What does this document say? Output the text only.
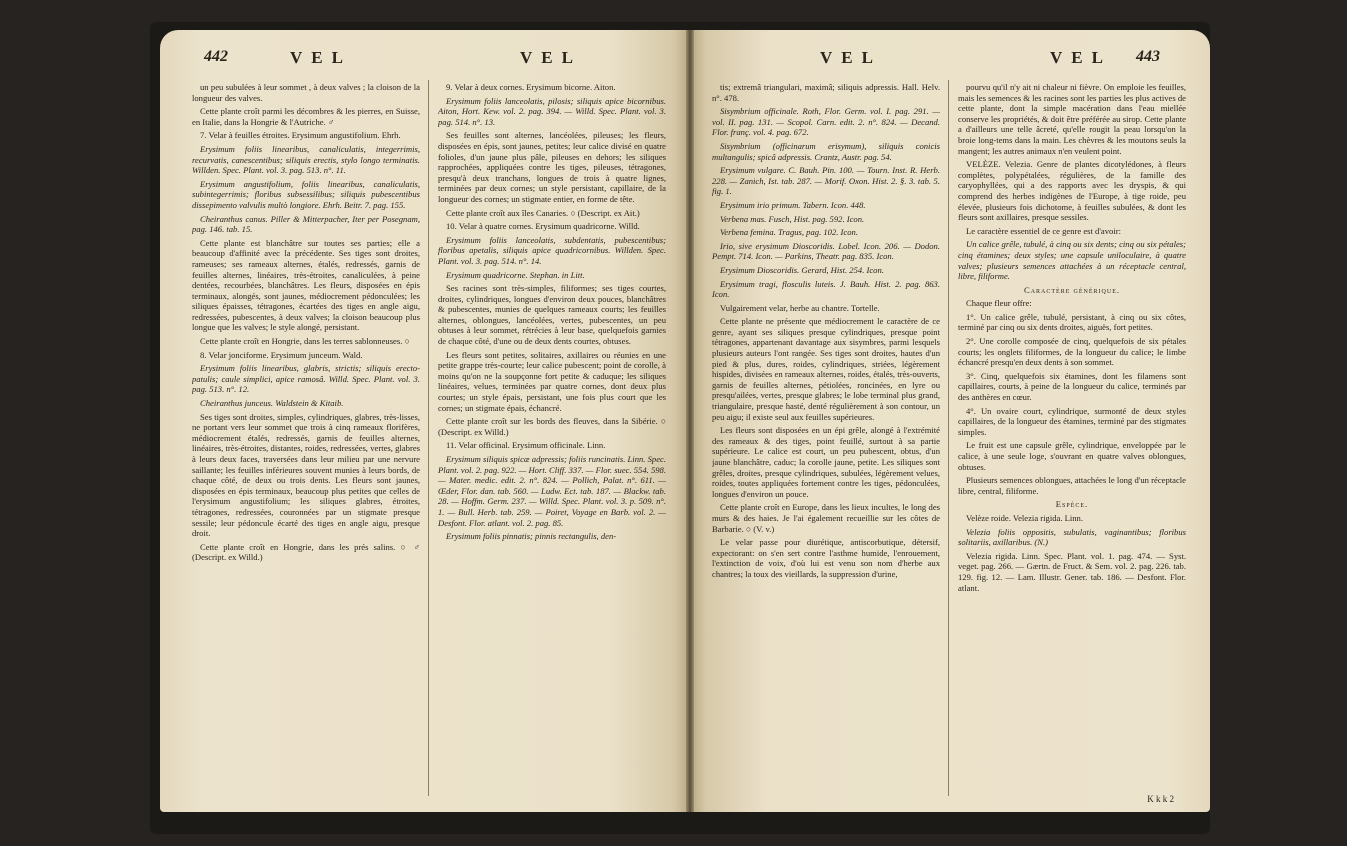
442	VEL	VEL

un peu subulées à leur sommet , à deux valves ; la cloison de la longueur des valves.

Cette plante croît parmi les décombres & les pierres, en Suisse, en Italie, dans la Hongrie & l'Autriche. ♂

7. Velar à feuilles étroites. Erysimum angustifolium. Ehrh.

Erysimum foliis linearibus, canaliculatis, integerrimis, recurvatis, canescentibus; siliquis erectis, stylo longo terminatis. Willden. Spec. Plant. vol. 3. pag. 513. n°. 11.

Erysimum angustifolium, foliis linearibus, canaliculatis, subintegerrimis; floribus subsessilibus; siliquis pubescentibus dissepimento valvulis multò longiore. Ehrh. Beitr. 7. pag. 155.

Cheiranthus canus. Piller & Mitterpacher, Iter per Posegnam, pag. 146. tab. 15.

Cette plante est blanchâtre sur toutes ses parties; elle a beaucoup d'affinité avec la précédente. Ses tiges sont droites, rameuses; ses rameaux alternes, étalés, redressés, garnis de feuilles alternes, linéaires, très-étroites, canaliculées, à peine dentées, recourbées, blanchâtres. Les fleurs, disposées en épis terminaux, alongés, sont jaunes, médiocrement pédonculées; les siliques épaisses, tétragones, écartées des tiges en angle aigu, redressées, pubescentes, à deux valves; la cloison beaucoup plus longue que les valves; le style alongé, persistant.

Cette plante croît en Hongrie, dans les terres sablonneuses. ○

8. Velar jonciforme. Erysimum junceum. Wald.

Erysimum foliis linearibus, glabris, strictis; siliquis erecto-patulis; caule simplici, apice ramosâ. Willd. Spec. Plant. vol. 3. pag. 513. n°. 12.

Cheiranthus junceus. Waldstein & Kitaib.

Ses tiges sont droites, simples, cylindriques, glabres, très-lisses, ne portant vers leur sommet que trois à cinq rameaux florifères, médiocrement étalés, redressés, garnis de feuilles alternes, linéaires, très-étroites, distantes, roides, redressées, vertes, glabres à leurs deux faces, traversées dans leur milieu par une nervure saillante; les feuilles inférieures souvent munies à leurs bords, de chaque côté, de deux ou trois dents. Les fleurs sont jaunes, disposées en épis terminaux, beaucoup plus petites que celles de l'erysimum angustifolium; les siliques glabres, étroites, tétragones, redressées, couronnées par un stigmate presque sessile; leur pédoncule écarté des tiges en angle aigu, presque droit.

Cette plante croît en Hongrie, dans les prés salins. ○ ♂ (Descript. ex Willd.)

9. Velar à deux cornes. Erysimum bicorne. Aiton.

Erysimum foliis lanceolatis, pilosis; siliquis apice bicornibus. Aiton, Hort. Kew. vol. 2. pag. 394. — Willd. Spec. Plant. vol. 3. pag. 514. n°. 13.

Ses feuilles sont alternes, lancéolées, pileuses; les fleurs, disposées en épis, sont jaunes, petites; leur calice divisé en quatre folioles, d'un jaune plus pâle, pileuses en dehors; les siliques rapprochées, appliquées contre les tiges, pileuses, tétragones, presqu'à deux tranchans, longues de trois à quatre lignes, terminées par deux cornes; un style persistant, capillaire, de la longueur des cornes; un stigmate entier, en forme de tête.

Cette plante croît aux îles Canaries. ○ (Descript. ex Ait.)

10. Velar à quatre cornes. Erysimum quadricorne. Willd.

Erysimum foliis lanceolatis, subdentatis, pubescentibus; floribus apetalis, siliquis apice quadricornibus. Willden. Spec. Plant. vol. 3. pag. 514. n°. 14.

Erysimum quadricorne. Stephan. in Litt.

Ses racines sont très-simples, filiformes; ses tiges courtes, droites, cylindriques, longues d'environ deux pouces, blanchâtres & pubescentes, munies de quelques rameaux courts; les feuilles alternes, oblongues, lancéolées, vertes, pubescentes, un peu obtuses à leur sommet, rétrécies à leur base, quelquefois garnies de chaque côté, d'une ou de deux dents courtes, obtuses.

Les fleurs sont petites, solitaires, axillaires ou réunies en une petite grappe très-courte; leur calice pubescent; point de corolle, à moins qu'on ne la soupçonne fort petite & caduque; les siliques linéaires, velues, terminées par quatre cornes, dont deux plus courtes; un style épais, persistant, une fois plus court que les cornes; un stigmate épais, échancré.

Cette plante croît sur les bords des fleuves, dans la Sibérie. ○ (Descript. ex Willd.)

11. Velar officinal. Erysimum officinale. Linn.

Erysimum siliquis spicæ adpressis; foliis runcinatis. Linn. Spec. Plant. vol. 2. pag. 922. — Hort. Cliff. 337. — Flor. suec. 554. 598. — Mater. medic. edit. 2. n°. 824. — Pollich, Palat. n°. 611. — Œder, Flor. dan. tab. 560. — Ludw. Ect. tab. 187. — Blackw. tab. 28. — Hoffm. Germ. 237. — Willd. Spec. Plant. vol. 3. p. 509. n°. 1. — Bull. Herb. tab. 259. — Poiret, Voyage en Barb. vol. 2. — Desfont. Flor. atlant. vol. 2. pag. 85.

Erysimum foliis pinnatis; pinnis rectangulis, den-

VEL	VEL 443

tis; extremâ triangulari, maximâ; siliquis adpressis. Hall. Helv. n°. 478.

Sisymbrium officinale. Roth, Flor. Germ. vol. I. pag. 291. — vol. II. pag. 131. — Scopol. Carn. edit. 2. n°. 824. — Decand. Flor. franç. vol. 4. pag. 672.

Sisymbrium (officinarum erisymum), siliquis conicis multangulis; spicâ adpressis. Crantz, Austr. pag. 54.

Erysimum vulgare. C. Bauh. Pin. 100. — Tourn. Inst. R. Herb. 228. — Zanich, Ist. tab. 287. — Morif. Oxon. Hist. 2. §. 3. tab. 5. fig. 1.

Erysimum irio primum. Tabern. Icon. 448.

Verbena mas. Fusch, Hist. pag. 592. Icon.

Verbena femina. Tragus, pag. 102. Icon.

Irio, sive erysimum Dioscoridis. Lobel. Icon. 206. — Dodon. Pempt. 714. Icon. — Parkins, Theatr. pag. 835. Icon.

Erysimum Dioscoridis. Gerard, Hist. 254. Icon.

Erysimum tragi, flosculis luteis. J. Bauh. Hist. 2. pag. 863. Icon.

Vulgairement velar, herbe au chantre. Tortelle.

Cette plante ne présente que médiocrement le caractère de ce genre, ayant ses siliques presque cylindriques, presque point tétragones, appartenant davantage aux sisymbres, parmi lesquels plusieurs auteurs l'ont rangée. Ses tiges sont droites, hautes d'un pied & plus, dures, roides, cylindriques, striées, légèrement hispides, divisées en rameaux alternes, roides, étalés, très-ouverts, garnis de feuilles alternes, pétiolées, roncinées, en lyre ou presqu'ailées, vertes, presque glabres; le lobe terminal plus grand, triangulaire, presque hasté, denté régulièrement à son contour, un peu aigu; il existe seul aux feuilles supérieures.

Les fleurs sont disposées en un épi grêle, alongé à l'extrémité des rameaux & des tiges, point feuillé, surtout à sa partie supérieure. Le calice est court, un peu pubescent, obtus, d'un jaune blanchâtre, caduc; la corolle jaune, petite. Les siliques sont grêles, droites, presque cylindriques, subulées, légèrement velues, roides, toutes appliquées fortement contre les tiges, pédonculées, longues d'environ un pouce.

Cette plante croît en Europe, dans les lieux incultes, le long des murs & des haies. Je l'ai également recueillie sur les côtes de Barbarie. ○ (V. v.)

Le velar passe pour diurétique, antiscorbutique, détersif, expectorant: on s'en sert contre l'asthme humide, l'enrouement, l'extinction de voix, d'où lui est venu son nom d'herbe aux chantres; la toux des vieillards, la suppression d'urine,

pourvu qu'il n'y ait ni chaleur ni fièvre. On emploie les feuilles, mais les semences & les racines sont les parties les plus actives de cette plante, dont la simple macération dans l'eau miellée conserve les propriétés, & doit être préférée au sirop. Cette plante a d'ailleurs une telle âcreté, qu'elle rougit la peau lorsqu'on la broie long-tems dans la main. Les chèvres & les moutons seuls la mangent; les autres animaux n'en veulent point.

VELÈZE. Velezia. Genre de plantes dicotylédones, à fleurs complètes, polypétalées, régulières, de la famille des caryophyllées, qui a des rapports avec les dryspis, & qui comprend des herbes indigènes de l'Europe, à tige roide, peu élevée, plusieurs fois dichotome, à feuilles subulées, & dont les fleurs sont axillaires, presque sessiles.

Le caractère essentiel de ce genre est d'avoir:

Un calice grêle, tubulé, à cinq ou six dents; cinq ou six pétales; cinq étamines; deux styles; une capsule uniloculaire, à quatre valves; plusieurs semences attachées à un réceptacle central, libre, filiforme.

Caractère générique.

Chaque fleur offre:

1°. Un calice grêle, tubulé, persistant, à cinq ou six côtes, terminé par cinq ou six dents droites, aiguës, fort petites.

2°. Une corolle composée de cinq, quelquefois de six pétales courts; les onglets filiformes, de la longueur du calice; le limbe échancré presqu'en deux dents à son sommet.

3°. Cinq, quelquefois six étamines, dont les filamens sont capillaires, courts, à peine de la longueur du calice, terminés par des anthères en cœur.

4°. Un ovaire court, cylindrique, surmonté de deux styles capillaires, de la longueur des étamines, terminé par des stigmates simples.

Le fruit est une capsule grêle, cylindrique, enveloppée par le calice, à une seule loge, s'ouvrant en quatre valves oblongues, obtuses.

Plusieurs semences oblongues, attachées le long d'un réceptacle libre, central, filiforme.

Espèce.

Velèze roide. Velezia rigida. Linn.

Velezia foliis oppositis, subulatis, vaginantibus; floribus solitariis, axillaribus. (N.)

Velezia rigida. Linn. Spec. Plant. vol. 1. pag. 474. — Syst. veget. pag. 266. — Gærtn. de Fruct. & Sem. vol. 2. pag. 226. tab. 129. fig. 12. — Lam. Illustr. Gener. tab. 186. — Desfont. Flor. atlant.

K k k 2
